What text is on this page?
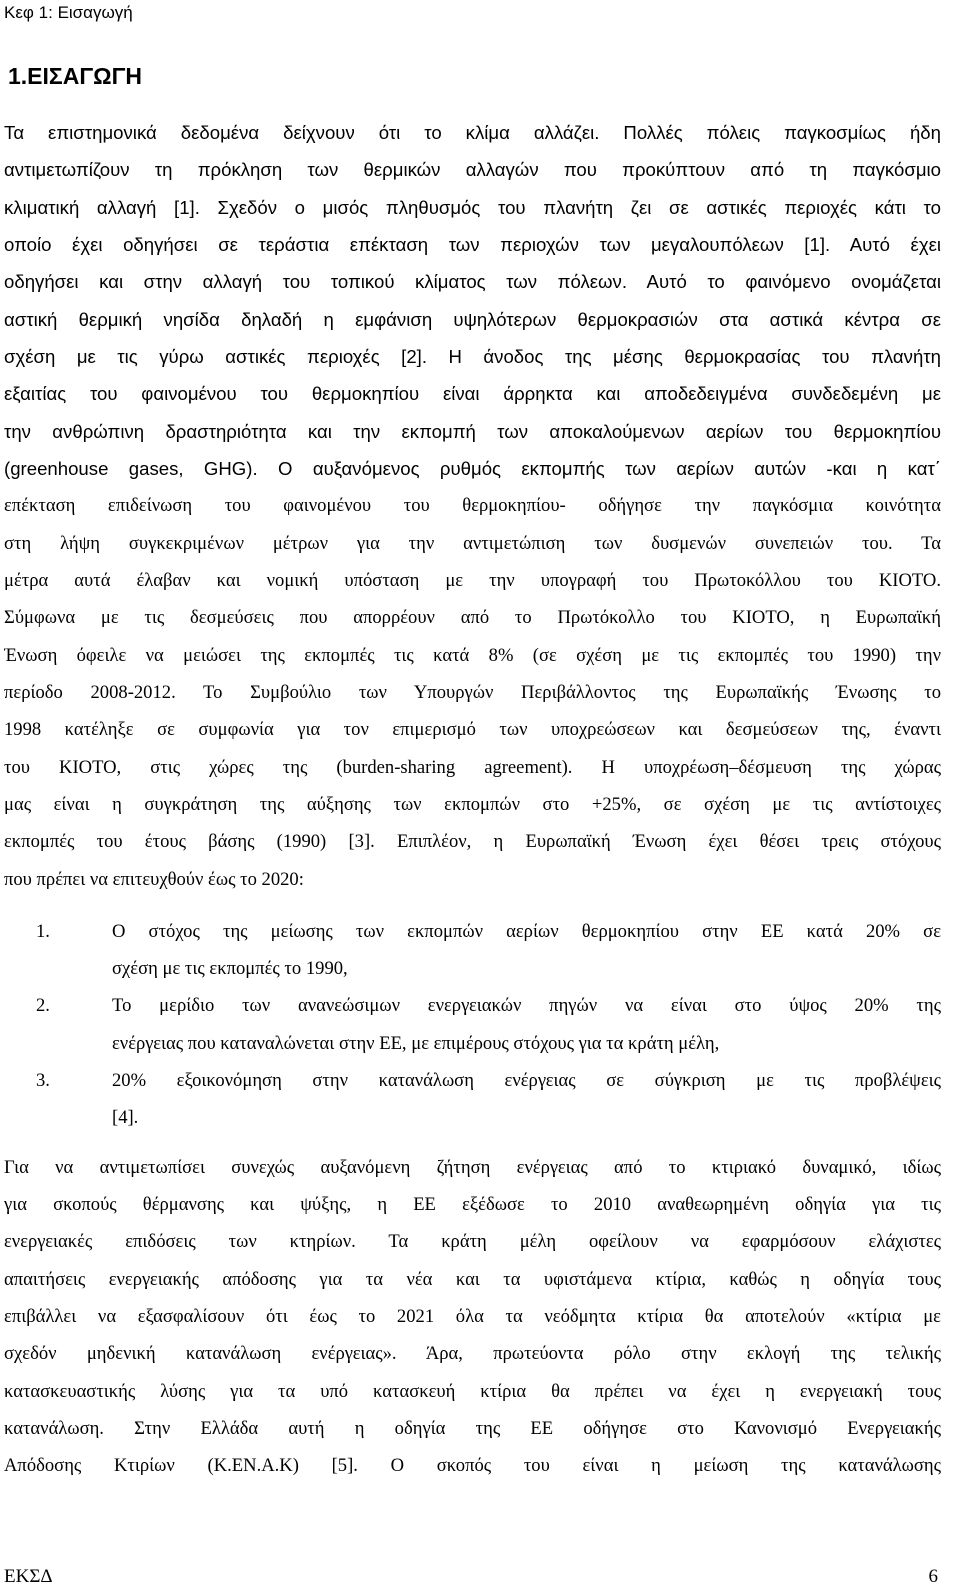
Κεφ 1: Εισαγωγή
1.ΕΙΣΑΓΩΓΗ
Τα επιστημονικά δεδομένα δείχνουν ότι το κλίμα αλλάζει. Πολλές πόλεις παγκοσμίως ήδη
αντιμετωπίζουν τη πρόκληση των θερμικών αλλαγών που προκύπτουν από τη παγκόσμιο
κλιματική αλλαγή [1]. Σχεδόν ο μισός πληθυσμός του πλανήτη ζει σε αστικές περιοχές κάτι το
οποίο έχει οδηγήσει σε τεράστια επέκταση των περιοχών των μεγαλουπόλεων [1]. Αυτό έχει
οδηγήσει και στην αλλαγή του τοπικού κλίματος των πόλεων. Αυτό το φαινόμενο ονομάζεται
αστική θερμική νησίδα δηλαδή η εμφάνιση υψηλότερων θερμοκρασιών στα αστικά κέντρα σε
σχέση με τις γύρω αστικές περιοχές [2]. Η άνοδος της μέσης θερμοκρασίας του πλανήτη
εξαιτίας του φαινομένου του θερμοκηπίου είναι άρρηκτα και αποδεδειγμένα συνδεδεμένη με
την ανθρώπινη δραστηριότητα και την εκπομπή των αποκαλούμενων αερίων του θερμοκηπίου
(greenhouse gases, GHG). Ο αυξανόμενος ρυθμός εκπομπής των αερίων αυτών -και η κατ΄
επέκταση επιδείνωση του φαινομένου του θερμοκηπίου- οδήγησε την παγκόσμια κοινότητα
στη λήψη συγκεκριμένων μέτρων για την αντιμετώπιση των δυσμενών συνεπειών του. Τα
μέτρα αυτά έλαβαν και νομική υπόσταση με την υπογραφή του Πρωτοκόλλου του ΚΙΟΤΟ.
Σύμφωνα με τις δεσμεύσεις που απορρέουν από το Πρωτόκολλο του ΚΙΟΤΟ, η Ευρωπαϊκή
Ένωση όφειλε να μειώσει της εκπομπές τις κατά 8% (σε σχέση με τις εκπομπές του 1990) την
περίοδο 2008-2012. Το Συμβούλιο των Υπουργών Περιβάλλοντος της Ευρωπαϊκής Ένωσης το
1998 κατέληξε σε συμφωνία για τον επιμερισμό των υποχρεώσεων και δεσμεύσεων της, έναντι
του ΚΙΟΤΟ, στις χώρες της (burden-sharing agreement). Η υποχρέωση–δέσμευση της χώρας
μας είναι η συγκράτηση της αύξησης των εκπομπών στο +25%, σε σχέση με τις αντίστοιχες
εκπομπές του έτους βάσης (1990) [3]. Επιπλέον, η Ευρωπαϊκή Ένωση έχει θέσει τρεις στόχους
που πρέπει να επιτευχθούν έως το 2020:
1.	Ο στόχος της μείωσης των εκπομπών αερίων θερμοκηπίου στην ΕΕ κατά 20% σε
σχέση με τις εκπομπές το 1990,
2.	Το μερίδιο των ανανεώσιμων ενεργειακών πηγών να είναι στο ύψος 20% της
ενέργειας που καταναλώνεται στην ΕΕ, με επιμέρους στόχους για τα κράτη μέλη,
3.	20% εξοικονόμηση στην κατανάλωση ενέργειας σε σύγκριση με τις προβλέψεις
[4].
Για να αντιμετωπίσει συνεχώς αυξανόμενη ζήτηση ενέργειας από το κτιριακό δυναμικό, ιδίως
για σκοπούς θέρμανσης και ψύξης, η ΕΕ εξέδωσε το 2010 αναθεωρημένη οδηγία για τις
ενεργειακές επιδόσεις των κτηρίων. Τα κράτη μέλη οφείλουν να εφαρμόσουν ελάχιστες
απαιτήσεις ενεργειακής απόδοσης για τα νέα και τα υφιστάμενα κτίρια, καθώς η οδηγία τους
επιβάλλει να εξασφαλίσουν ότι έως το 2021 όλα τα νεόδμητα κτίρια θα αποτελούν «κτίρια με
σχεδόν μηδενική κατανάλωση ενέργειας». Άρα, πρωτεύοντα ρόλο στην εκλογή της τελικής
κατασκευαστικής λύσης για τα υπό κατασκευή κτίρια θα πρέπει να έχει η ενεργειακή τους
κατανάλωση. Στην Ελλάδα αυτή η οδηγία της ΕΕ οδήγησε στο Κανονισμό Ενεργειακής
Απόδοσης Κτιρίων (Κ.ΕΝ.Α.Κ) [5]. Ο σκοπός του είναι η μείωση της κατανάλωσης
ΕΚΣΔ	6
